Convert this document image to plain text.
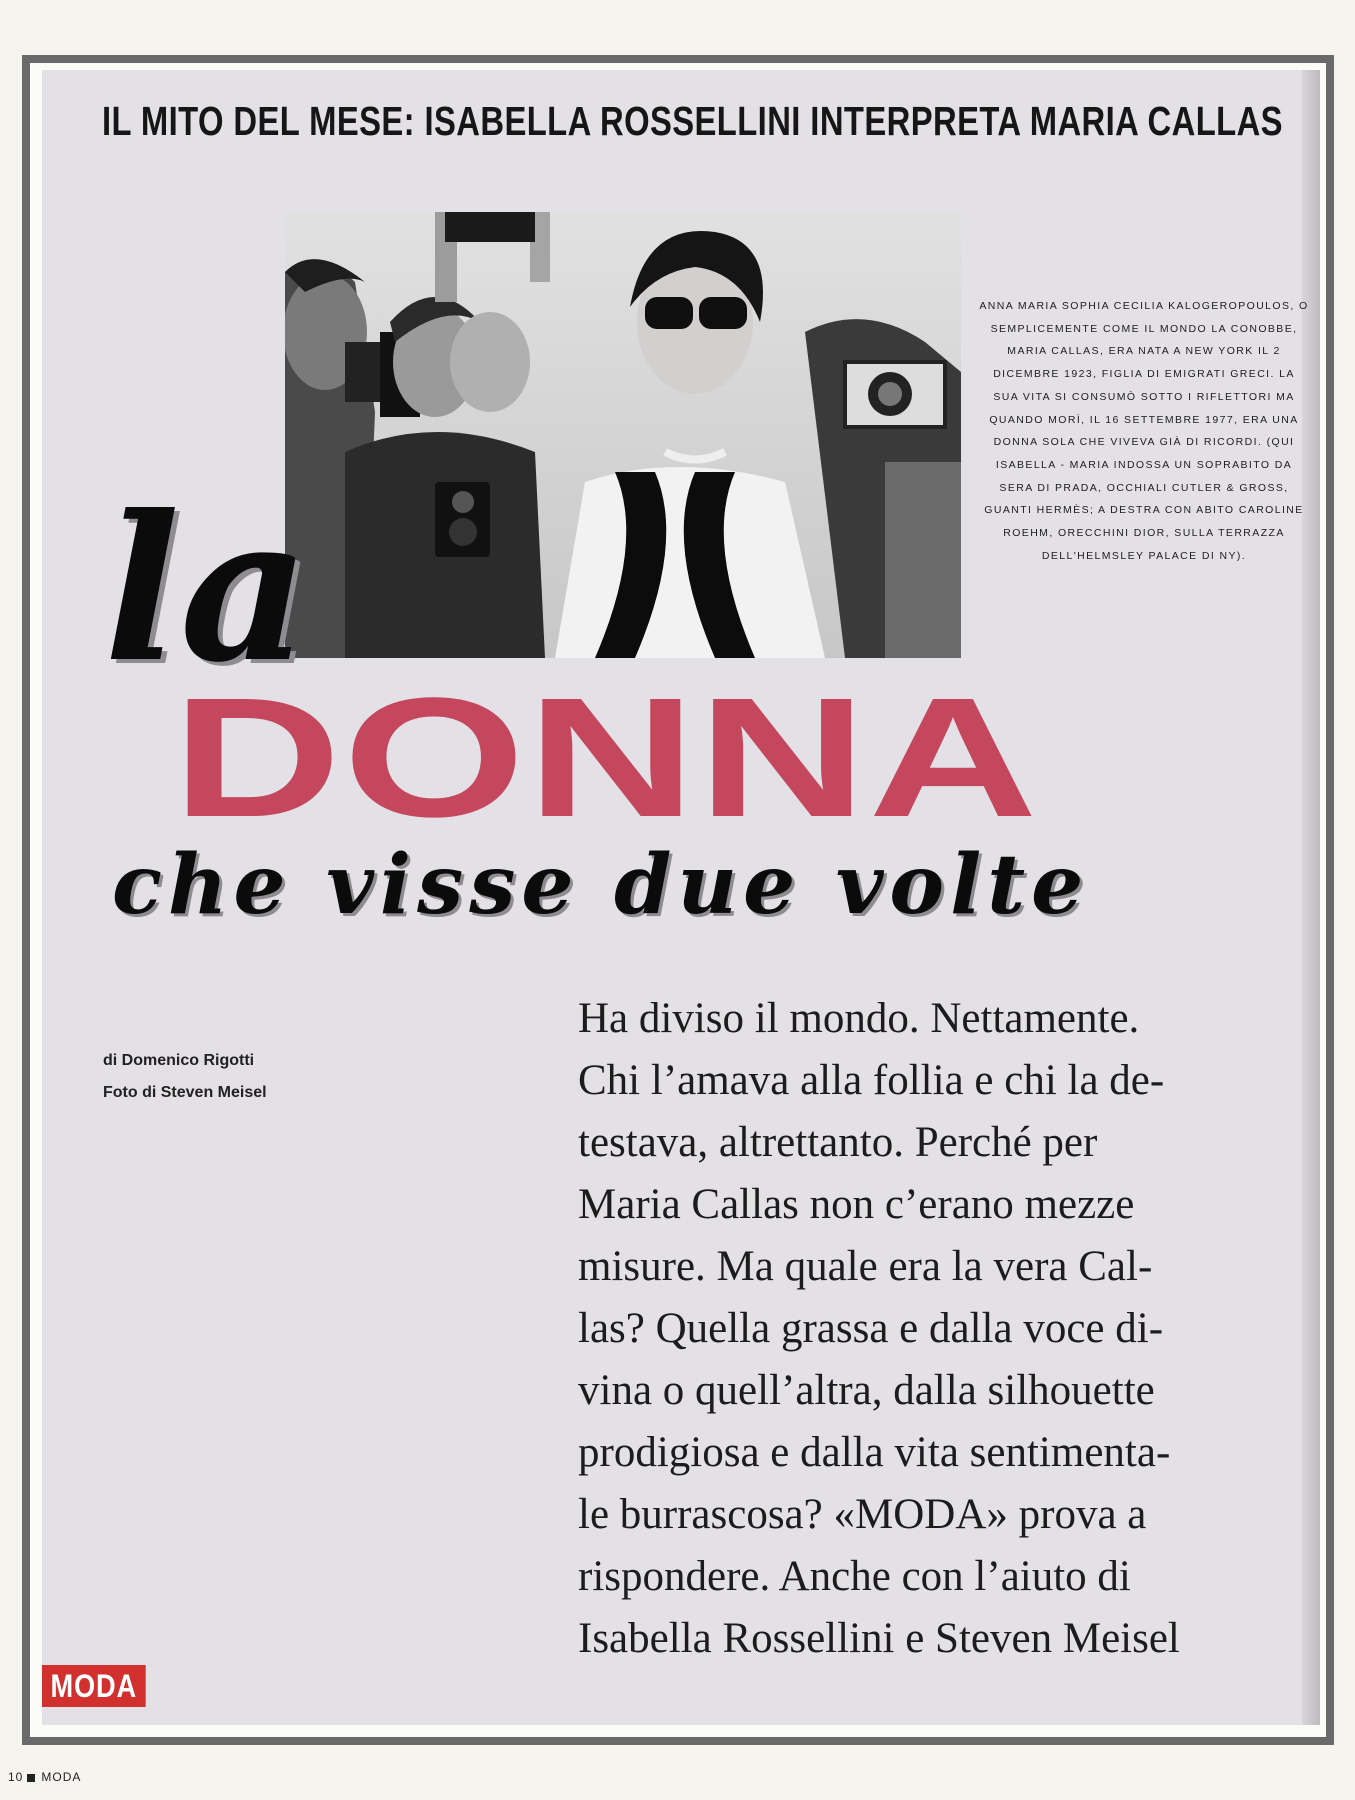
IL MITO DEL MESE: ISABELLA ROSSELLINI INTERPRETA MARIA CALLAS
ANNA MARIA SOPHIA CECILIA KALOGEROPOULOS, O SEMPLICEMENTE COME IL MONDO LA CONOBBE, MARIA CALLAS, ERA NATA A NEW YORK IL 2 DICEMBRE 1923, FIGLIA DI EMIGRATI GRECI. LA SUA VITA SI CONSUMÒ SOTTO I RIFLETTORI MA QUANDO MORÌ, IL 16 SETTEMBRE 1977, ERA UNA DONNA SOLA CHE VIVEVA GIÀ DI RICORDI. (QUI ISABELLA - MARIA INDOSSA UN SOPRABITO DA SERA DI PRADA, OCCHIALI CUTLER & GROSS, GUANTI HERMÈS; A DESTRA CON ABITO CAROLINE ROEHM, ORECCHINI DIOR, SULLA TERRAZZA DELL'HELMSLEY PALACE DI NY).
la
DONNA
che visse due volte
di Domenico Rigotti
Foto di Steven Meisel
Ha diviso il mondo. Nettamente.
Chi l’amava alla follia e chi la de-
testava, altrettanto. Perché per
Maria Callas non c’erano mezze
misure. Ma quale era la vera Cal-
las? Quella grassa e dalla voce di-
vina o quell’altra, dalla silhouette
prodigiosa e dalla vita sentimenta-
le burrascosa? «MODA» prova a
rispondere. Anche con l’aiuto di
Isabella Rossellini e Steven Meisel
MODA
10 MODA
